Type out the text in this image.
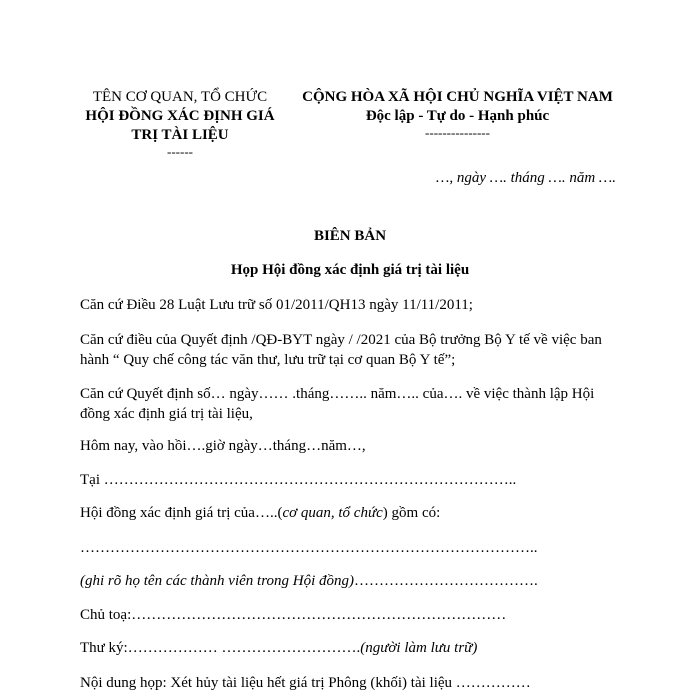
TÊN CƠ QUAN, TỔ CHỨC
HỘI ĐỒNG XÁC ĐỊNH GIÁ
TRỊ TÀI LIỆU
------
CỘNG HÒA XÃ HỘI CHỦ NGHĨA VIỆT NAM
Độc lập - Tự do - Hạnh phúc
---------------
…, ngày …. tháng …. năm ….
BIÊN BẢN
Họp Hội đồng xác định giá trị tài liệu
Căn cứ Điều 28 Luật Lưu trữ số 01/2011/QH13 ngày 11/11/2011;
Căn cứ điều của Quyết định /QĐ-BYT ngày / /2021 của Bộ trưởng Bộ Y tế về việc ban
hành “ Quy chế công tác văn thư, lưu trữ tại cơ quan Bộ Y tế”;
Căn cứ Quyết định số… ngày…… .tháng…….. năm….. của…. về việc thành lập Hội
đồng xác định giá trị tài liệu,
Hôm nay, vào hồi….giờ ngày…tháng…năm…,
Tại ………………………………………………………………………..
Hội đồng xác định giá trị của…..(cơ quan, tổ chức) gồm có:
………………………………………………………………………………..
(ghi rõ họ tên các thành viên trong Hội đồng)……………………………….
Chủ toạ:…………………………………………………………………
Thư ký:……………… ……………………….(người làm lưu trữ)
Nội dung họp: Xét hủy tài liệu hết giá trị Phông (khối) tài liệu ……………
